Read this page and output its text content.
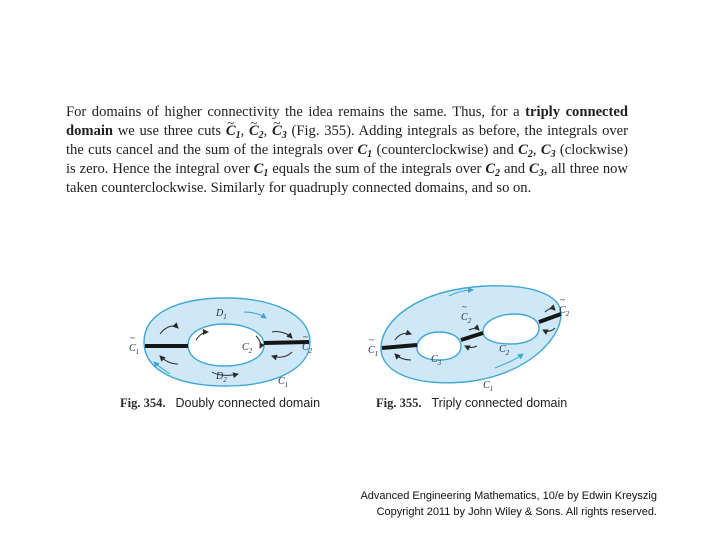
For domains of higher connectivity the idea remains the same. Thus, for a triply connected domain we use three cuts ~ $C_1$, ~ $C_2$, ~ $C_3$ (Fig. 355). Adding integrals as before, the integrals over the cuts cancel and the sum of the integrals over $C_1$ (counterclockwise) and $C_2$, $C_3$ (clockwise) is zero. Hence the integral over $C_1$ equals the sum of the integrals over $C_2$ and $C_3$, all three now taken counterclockwise. Similarly for quadruply connected domains, and so on.

$D_1$
$D_2$
$C_2$
$C_1$
~
$C_2$
~
$C_1$
Fig. 354. Doubly connected domain
$C_1$
~
$C_2$
~	$C_2$
~
$C_3$
$C_2$
$C_1$
Fig. 355. Triply connected domain
Advanced Engineering Mathematics, 10/e by Edwin Kreyszig
Copyright 2011 by John Wiley & Sons. All rights reserved.
